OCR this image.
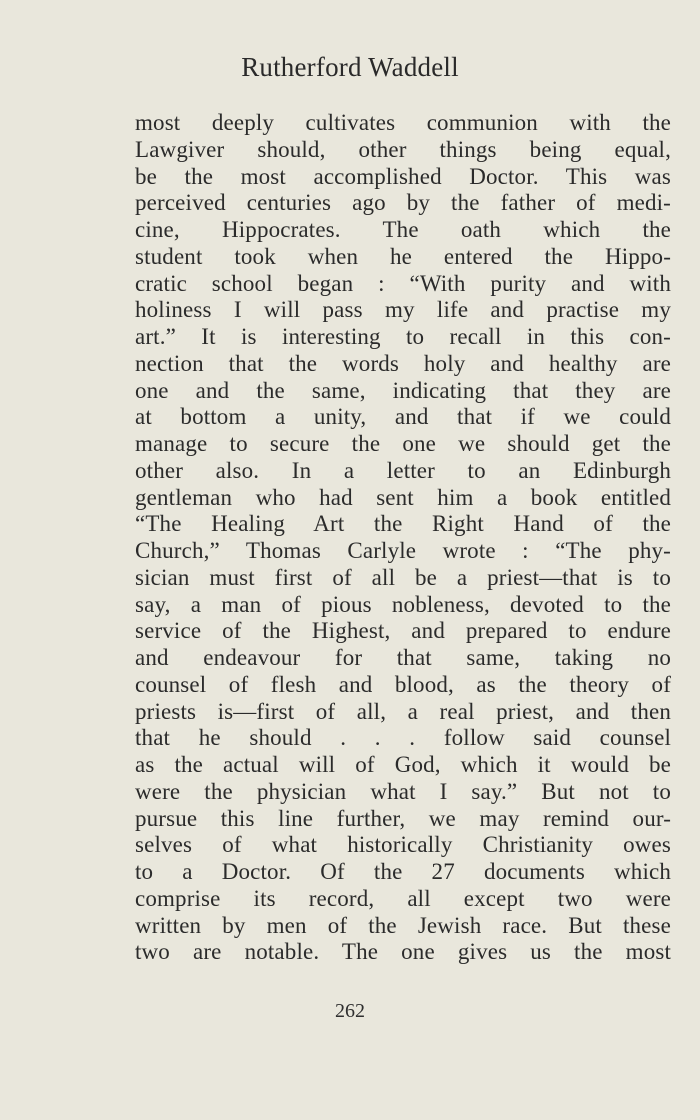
Rutherford Waddell
most deeply cultivates communion with the
Lawgiver should, other things being equal,
be the most accomplished Doctor. This was
perceived centuries ago by the father of medi-
cine, Hippocrates. The oath which the
student took when he entered the Hippo-
cratic school began : “With purity and with
holiness I will pass my life and practise my
art.” It is interesting to recall in this con-
nection that the words holy and healthy are
one and the same, indicating that they are
at bottom a unity, and that if we could
manage to secure the one we should get the
other also. In a letter to an Edinburgh
gentleman who had sent him a book entitled
“The Healing Art the Right Hand of the
Church,” Thomas Carlyle wrote : “The phy-
sician must first of all be a priest—that is to
say, a man of pious nobleness, devoted to the
service of the Highest, and prepared to endure
and endeavour for that same, taking no
counsel of flesh and blood, as the theory of
priests is—first of all, a real priest, and then
that he should . . . follow said counsel
as the actual will of God, which it would be
were the physician what I say.” But not to
pursue this line further, we may remind our-
selves of what historically Christianity owes
to a Doctor. Of the 27 documents which
comprise its record, all except two were
written by men of the Jewish race. But these
two are notable. The one gives us the most
262
